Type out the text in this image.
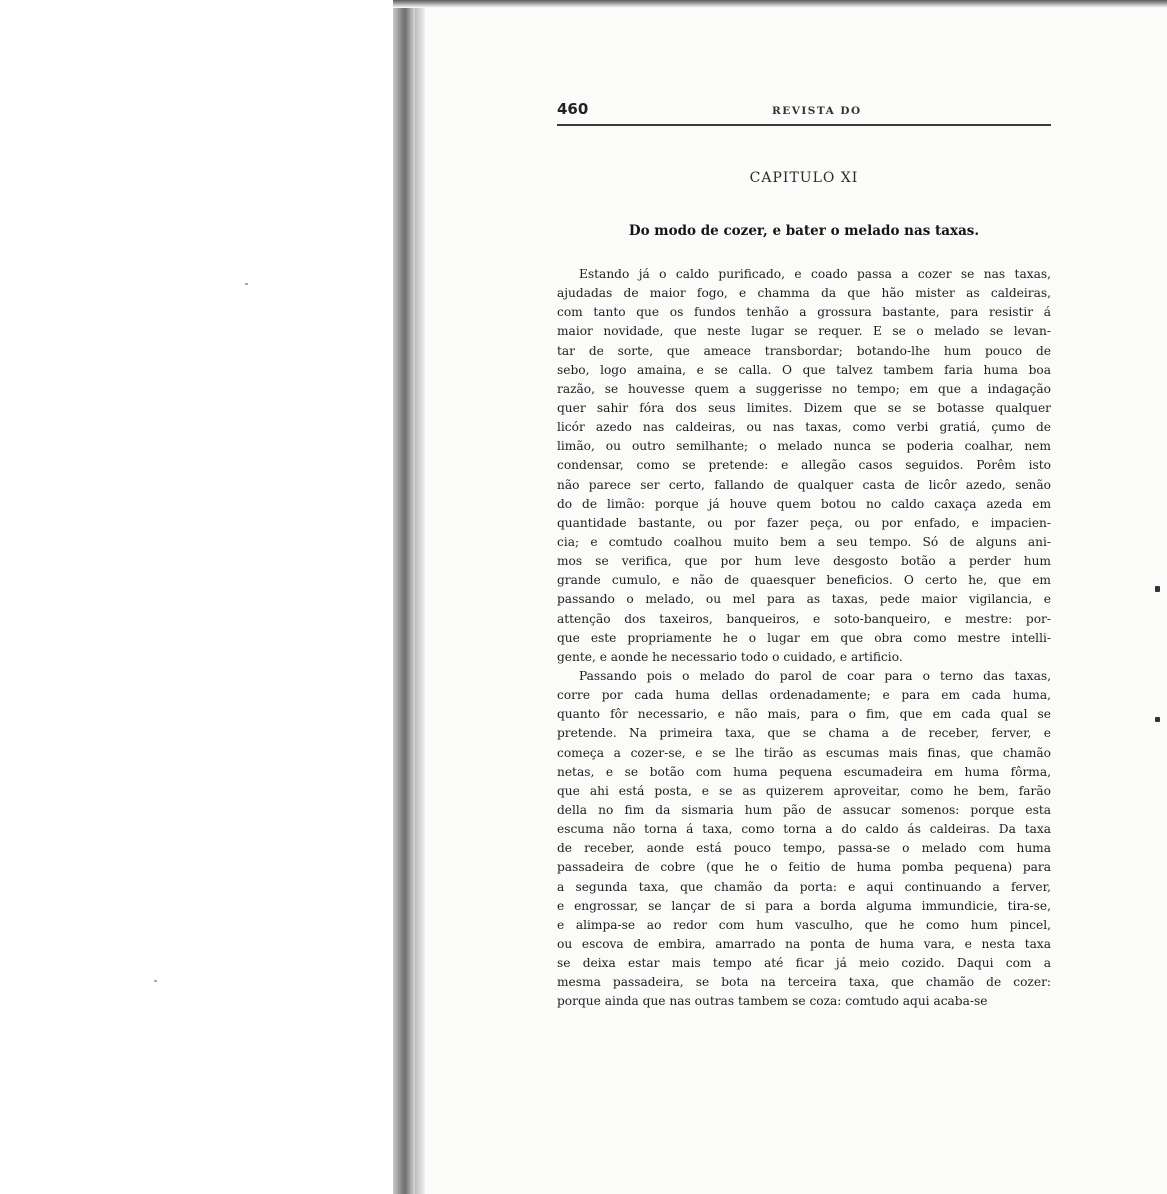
460	REVISTA DO
CAPITULO XI
Do modo de cozer, e bater o melado nas taxas.
Estando já o caldo purificado, e coado passa a cozer se nas taxas,
ajudadas de maior fogo, e chamma da que hão mister as caldeiras,
com tanto que os fundos tenhão a grossura bastante, para resistir á
maior novidade, que neste lugar se requer. E se o melado se levan-
tar de sorte, que ameace transbordar; botando-lhe hum pouco de
sebo, logo amaina, e se calla. O que talvez tambem faria huma boa
razão, se houvesse quem a suggerisse no tempo; em que a indagação
quer sahir fóra dos seus limites. Dizem que se se botasse qualquer
licór azedo nas caldeiras, ou nas taxas, como verbi gratiá, çumo de
limão, ou outro semilhante; o melado nunca se poderia coalhar, nem
condensar, como se pretende: e allegão casos seguidos. Porêm isto
não parece ser certo, fallando de qualquer casta de licôr azedo, senão
do de limão: porque já houve quem botou no caldo caxaça azeda em
quantidade bastante, ou por fazer peça, ou por enfado, e impacien-
cia; e comtudo coalhou muito bem a seu tempo. Só de alguns ani-
mos se verifica, que por hum leve desgosto botão a perder hum
grande cumulo, e não de quaesquer beneficios. O certo he, que em
passando o melado, ou mel para as taxas, pede maior vigilancia, e
attenção dos taxeiros, banqueiros, e soto-banqueiro, e mestre: por-
que este propriamente he o lugar em que obra como mestre intelli-
gente, e aonde he necessario todo o cuidado, e artificio.
Passando pois o melado do parol de coar para o terno das taxas,
corre por cada huma dellas ordenadamente; e para em cada huma,
quanto fôr necessario, e não mais, para o fim, que em cada qual se
pretende. Na primeira taxa, que se chama a de receber, ferver, e
começa a cozer-se, e se lhe tirão as escumas mais finas, que chamão
netas, e se botão com huma pequena escumadeira em huma fôrma,
que ahi está posta, e se as quizerem aproveitar, como he bem, farão
della no fim da sismaria hum pão de assucar somenos: porque esta
escuma não torna á taxa, como torna a do caldo ás caldeiras. Da taxa
de receber, aonde está pouco tempo, passa-se o melado com huma
passadeira de cobre (que he o feitio de huma pomba pequena) para
a segunda taxa, que chamão da porta: e aqui continuando a ferver,
e engrossar, se lançar de si para a borda alguma immundicie, tira-se,
e alimpa-se ao redor com hum vasculho, que he como hum pincel,
ou escova de embira, amarrado na ponta de huma vara, e nesta taxa
se deixa estar mais tempo até ficar já meio cozido. Daqui com a
mesma passadeira, se bota na terceira taxa, que chamão de cozer:
porque ainda que nas outras tambem se coza: comtudo aqui acaba-se
